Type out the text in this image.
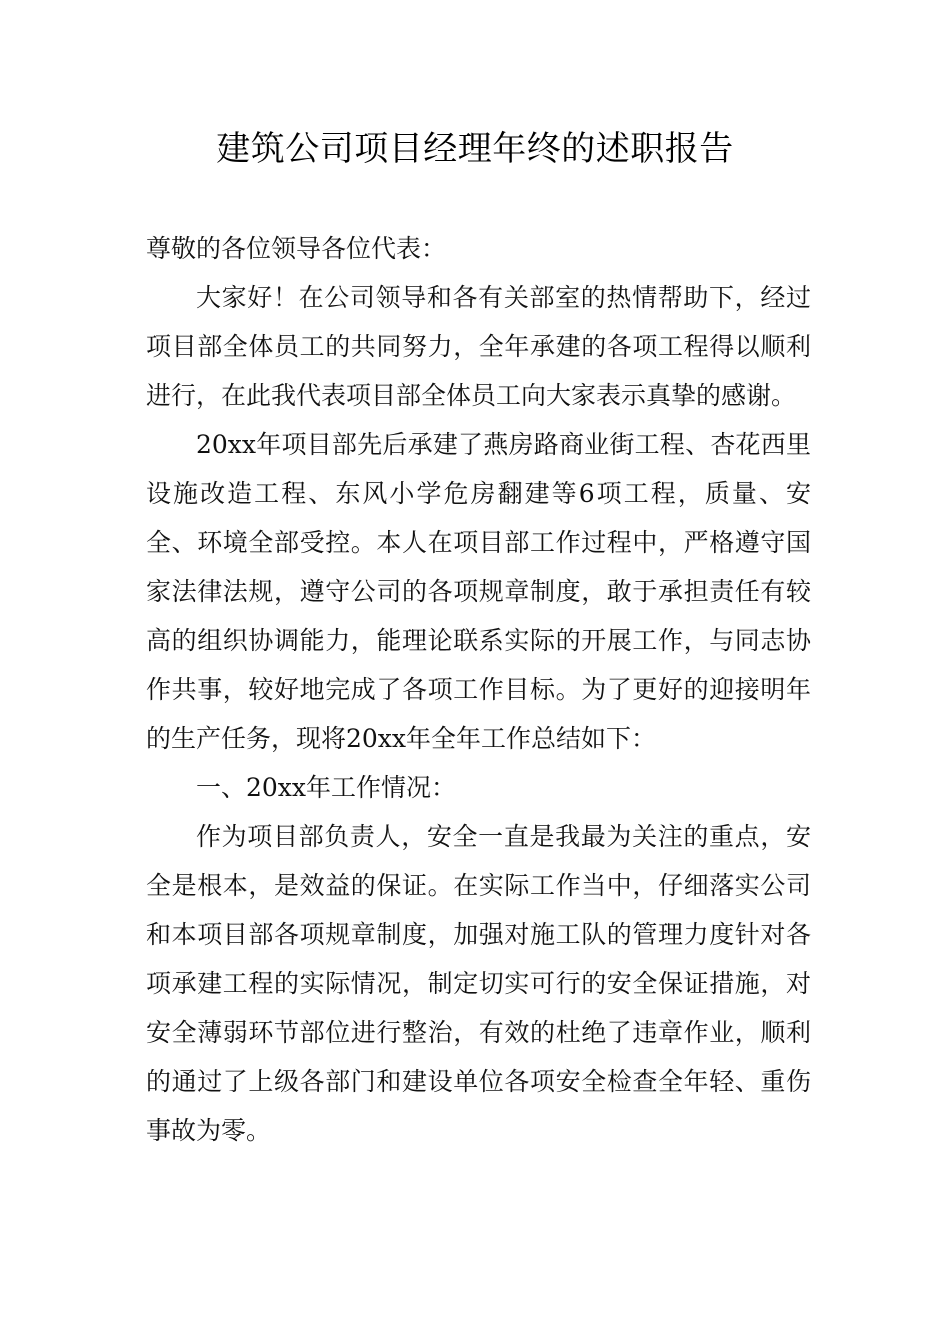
建筑公司项目经理年终的述职报告

尊敬的各位领导各位代表：

大家好！在公司领导和各有关部室的热情帮助下，经过项目部全体员工的共同努力，全年承建的各项工程得以顺利进行，在此我代表项目部全体员工向大家表示真挚的感谢。

20xx年项目部先后承建了燕房路商业街工程、杏花西里设施改造工程、东风小学危房翻建等6项工程，质量、安全、环境全部受控。本人在项目部工作过程中，严格遵守国家法律法规，遵守公司的各项规章制度，敢于承担责任有较高的组织协调能力，能理论联系实际的开展工作，与同志协作共事，较好地完成了各项工作目标。为了更好的迎接明年的生产任务，现将20xx年全年工作总结如下：

一、20xx年工作情况：

作为项目部负责人，安全一直是我最为关注的重点，安全是根本，是效益的保证。在实际工作当中，仔细落实公司和本项目部各项规章制度，加强对施工队的管理力度针对各项承建工程的实际情况，制定切实可行的安全保证措施，对安全薄弱环节部位进行整治，有效的杜绝了违章作业，顺利的通过了上级各部门和建设单位各项安全检查全年轻、重伤事故为零。
